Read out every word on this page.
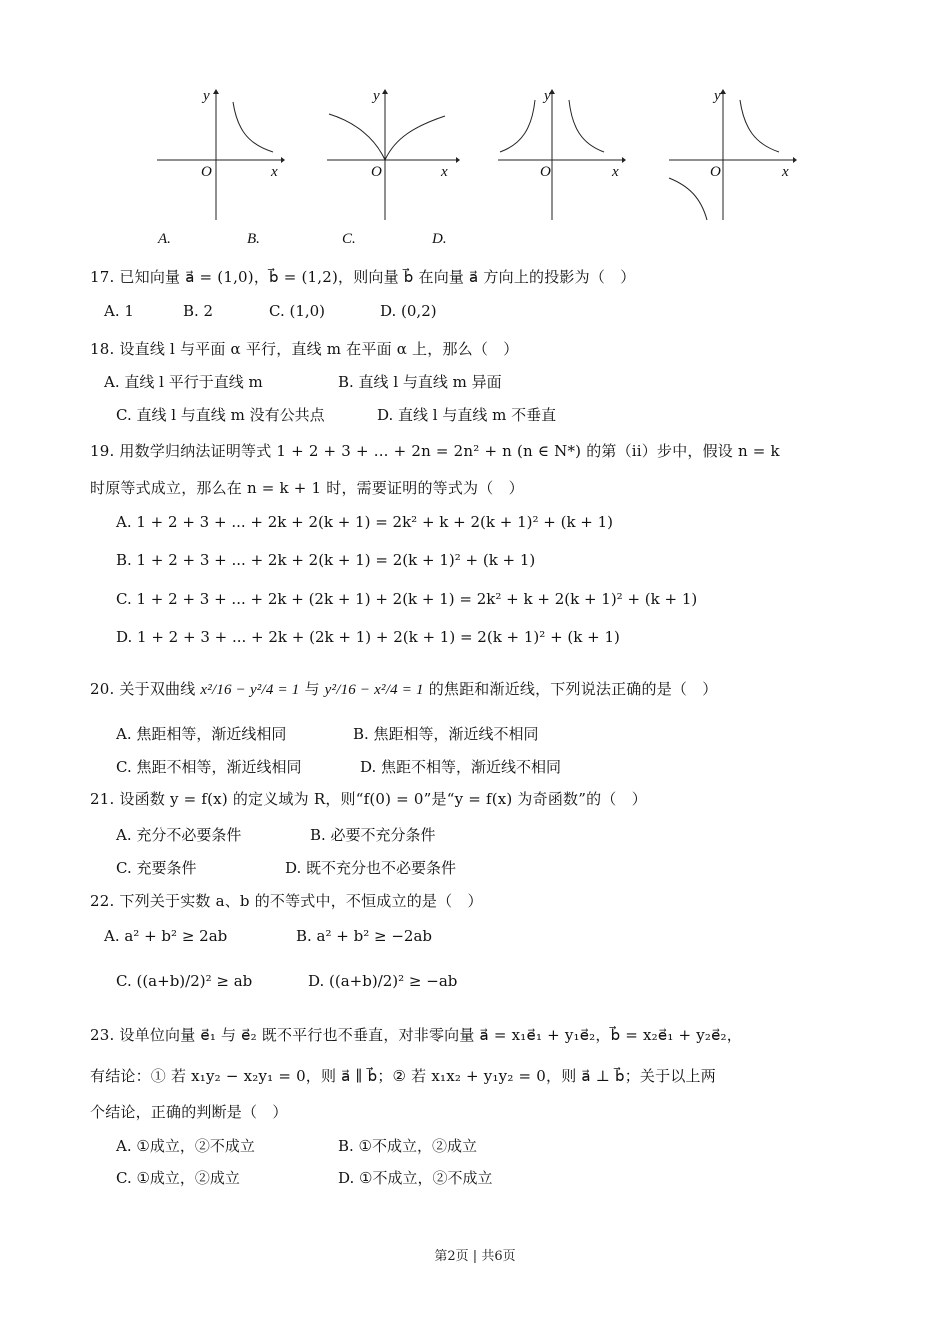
y
x
O
y
x
O
y
x
O
y
x
O
A.	B.	C.	D.
17. 已知向量 a⃗ = (1,0)，b⃗ = (1,2)，则向量 b⃗ 在向量 a⃗ 方向上的投影为（　）
A. 1	B. 2	C. (1,0)	D. (0,2)
18. 设直线 l 与平面 α 平行，直线 m 在平面 α 上，那么（　）
A. 直线 l 平行于直线 m	B. 直线 l 与直线 m 异面
C. 直线 l 与直线 m 没有公共点	D. 直线 l 与直线 m 不垂直
19. 用数学归纳法证明等式 1 + 2 + 3 + ... + 2n = 2n² + n (n ∈ N*) 的第（ii）步中，假设 n = k
时原等式成立，那么在 n = k + 1 时，需要证明的等式为（　）
A. 1 + 2 + 3 + ... + 2k + 2(k + 1) = 2k² + k + 2(k + 1)² + (k + 1)
B. 1 + 2 + 3 + ... + 2k + 2(k + 1) = 2(k + 1)² + (k + 1)
C. 1 + 2 + 3 + ... + 2k + (2k + 1) + 2(k + 1) = 2k² + k + 2(k + 1)² + (k + 1)
D. 1 + 2 + 3 + ... + 2k + (2k + 1) + 2(k + 1) = 2(k + 1)² + (k + 1)
20. 关于双曲线 x²/16 − y²/4 = 1 与 y²/16 − x²/4 = 1 的焦距和渐近线，下列说法正确的是（　）
A. 焦距相等，渐近线相同	B. 焦距相等，渐近线不相同
C. 焦距不相等，渐近线相同	D. 焦距不相等，渐近线不相同
21. 设函数 y = f(x) 的定义域为 R，则“f(0) = 0”是“y = f(x) 为奇函数”的（　）
A. 充分不必要条件	B. 必要不充分条件
C. 充要条件	D. 既不充分也不必要条件
22. 下列关于实数 a、b 的不等式中，不恒成立的是（　）
A. a² + b² ≥ 2ab	B. a² + b² ≥ −2ab
C. ((a+b)/2)² ≥ ab	D. ((a+b)/2)² ≥ −ab
23. 设单位向量 e⃗₁ 与 e⃗₂ 既不平行也不垂直，对非零向量 a⃗ = x₁e⃗₁ + y₁e⃗₂，b⃗ = x₂e⃗₁ + y₂e⃗₂，
有结论：① 若 x₁y₂ − x₂y₁ = 0，则 a⃗ ∥ b⃗；② 若 x₁x₂ + y₁y₂ = 0，则 a⃗ ⊥ b⃗；关于以上两
个结论，正确的判断是（　）
A. ①成立，②不成立	B. ①不成立，②成立
C. ①成立，②成立	D. ①不成立，②不成立
第2页 | 共6页
